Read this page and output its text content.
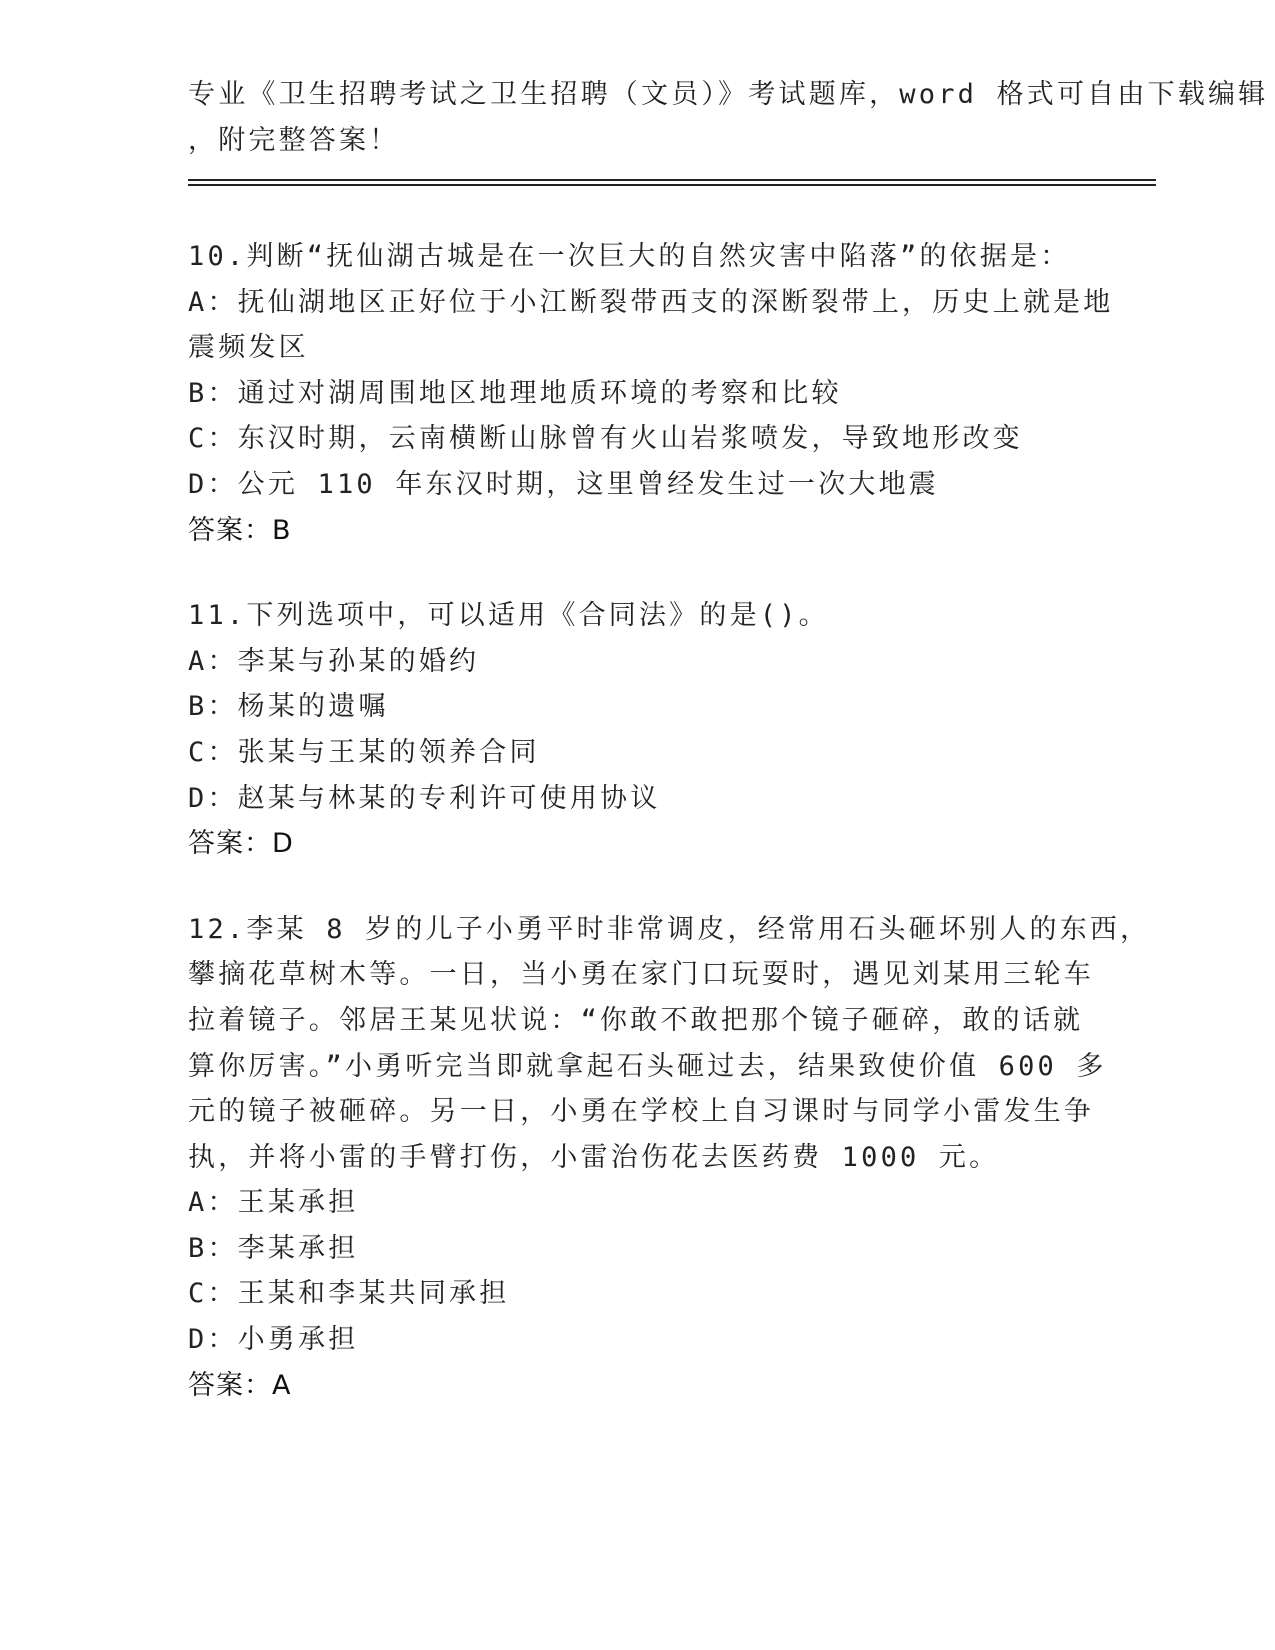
专业《卫生招聘考试之卫生招聘（文员）》考试题库，word 格式可自由下载编辑
，附完整答案！
10.判断“抚仙湖古城是在一次巨大的自然灾害中陷落”的依据是：
A：抚仙湖地区正好位于小江断裂带西支的深断裂带上，历史上就是地
震频发区
B：通过对湖周围地区地理地质环境的考察和比较
C：东汉时期，云南横断山脉曾有火山岩浆喷发，导致地形改变
D：公元 110 年东汉时期，这里曾经发生过一次大地震
答案：B
11.下列选项中，可以适用《合同法》的是()。
A：李某与孙某的婚约
B：杨某的遗嘱
C：张某与王某的领养合同
D：赵某与林某的专利许可使用协议
答案：D
12.李某 8 岁的儿子小勇平时非常调皮，经常用石头砸坏别人的东西，
攀摘花草树木等。一日，当小勇在家门口玩耍时，遇见刘某用三轮车
拉着镜子。邻居王某见状说：“你敢不敢把那个镜子砸碎，敢的话就
算你厉害。”小勇听完当即就拿起石头砸过去，结果致使价值 600 多
元的镜子被砸碎。另一日，小勇在学校上自习课时与同学小雷发生争
执，并将小雷的手臂打伤，小雷治伤花去医药费 1000 元。
A：王某承担
B：李某承担
C：王某和李某共同承担
D：小勇承担
答案：A
